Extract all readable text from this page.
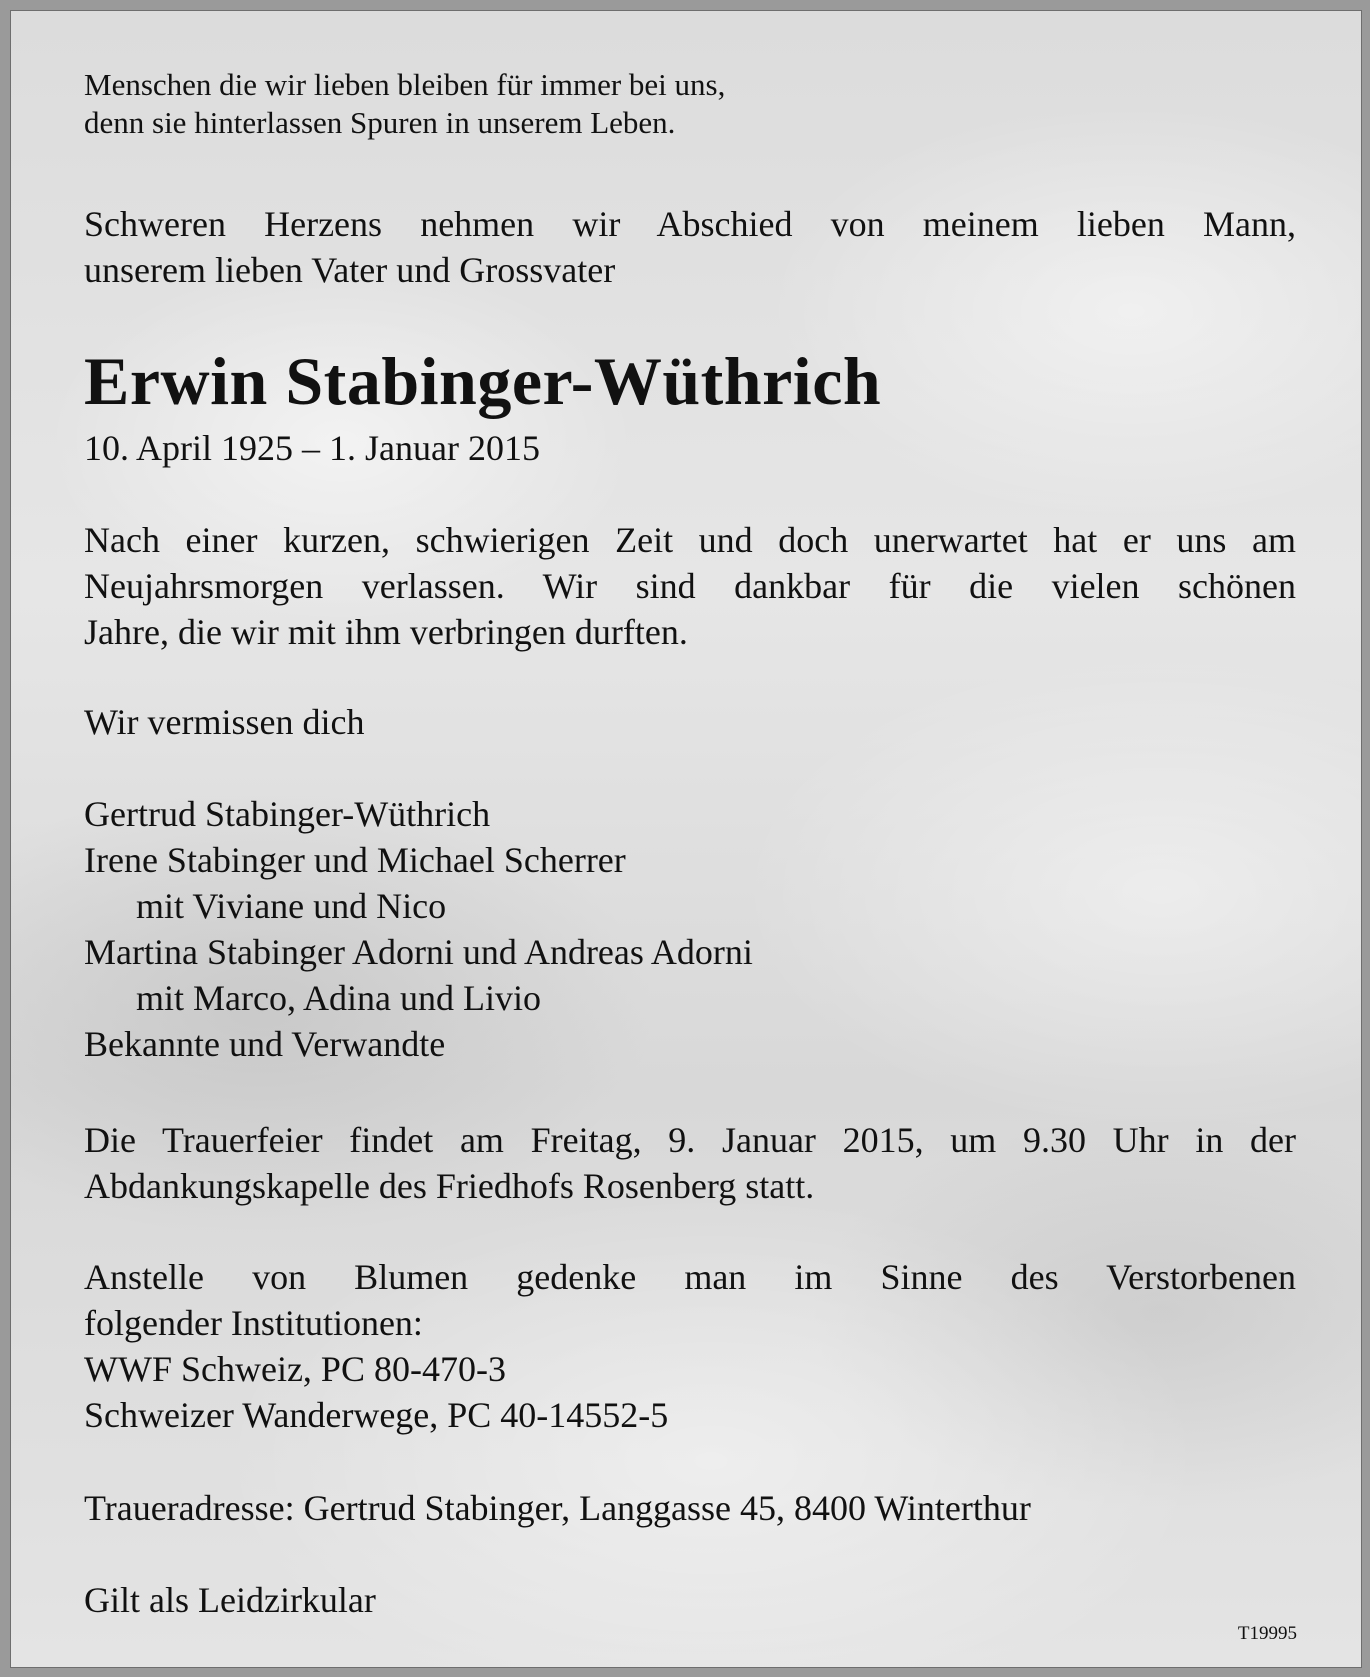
Menschen die wir lieben bleiben für immer bei uns,
denn sie hinterlassen Spuren in unserem Leben.
Schweren Herzens nehmen wir Abschied von meinem lieben Mann,
unserem lieben Vater und Grossvater
Erwin Stabinger-Wüthrich
10. April 1925 – 1. Januar 2015
Nach einer kurzen, schwierigen Zeit und doch unerwartet hat er uns am
Neujahrsmorgen verlassen. Wir sind dankbar für die vielen schönen
Jahre, die wir mit ihm verbringen durften.
Wir vermissen dich
Gertrud Stabinger-Wüthrich
Irene Stabinger und Michael Scherrer
mit Viviane und Nico
Martina Stabinger Adorni und Andreas Adorni
mit Marco, Adina und Livio
Bekannte und Verwandte
Die Trauerfeier findet am Freitag, 9. Januar 2015, um 9.30 Uhr in der
Abdankungskapelle des Friedhofs Rosenberg statt.
Anstelle von Blumen gedenke man im Sinne des Verstorbenen
folgender Institutionen:
WWF Schweiz, PC 80-470-3
Schweizer Wanderwege, PC 40-14552-5
Traueradresse: Gertrud Stabinger, Langgasse 45, 8400 Winterthur
Gilt als Leidzirkular
T19995
